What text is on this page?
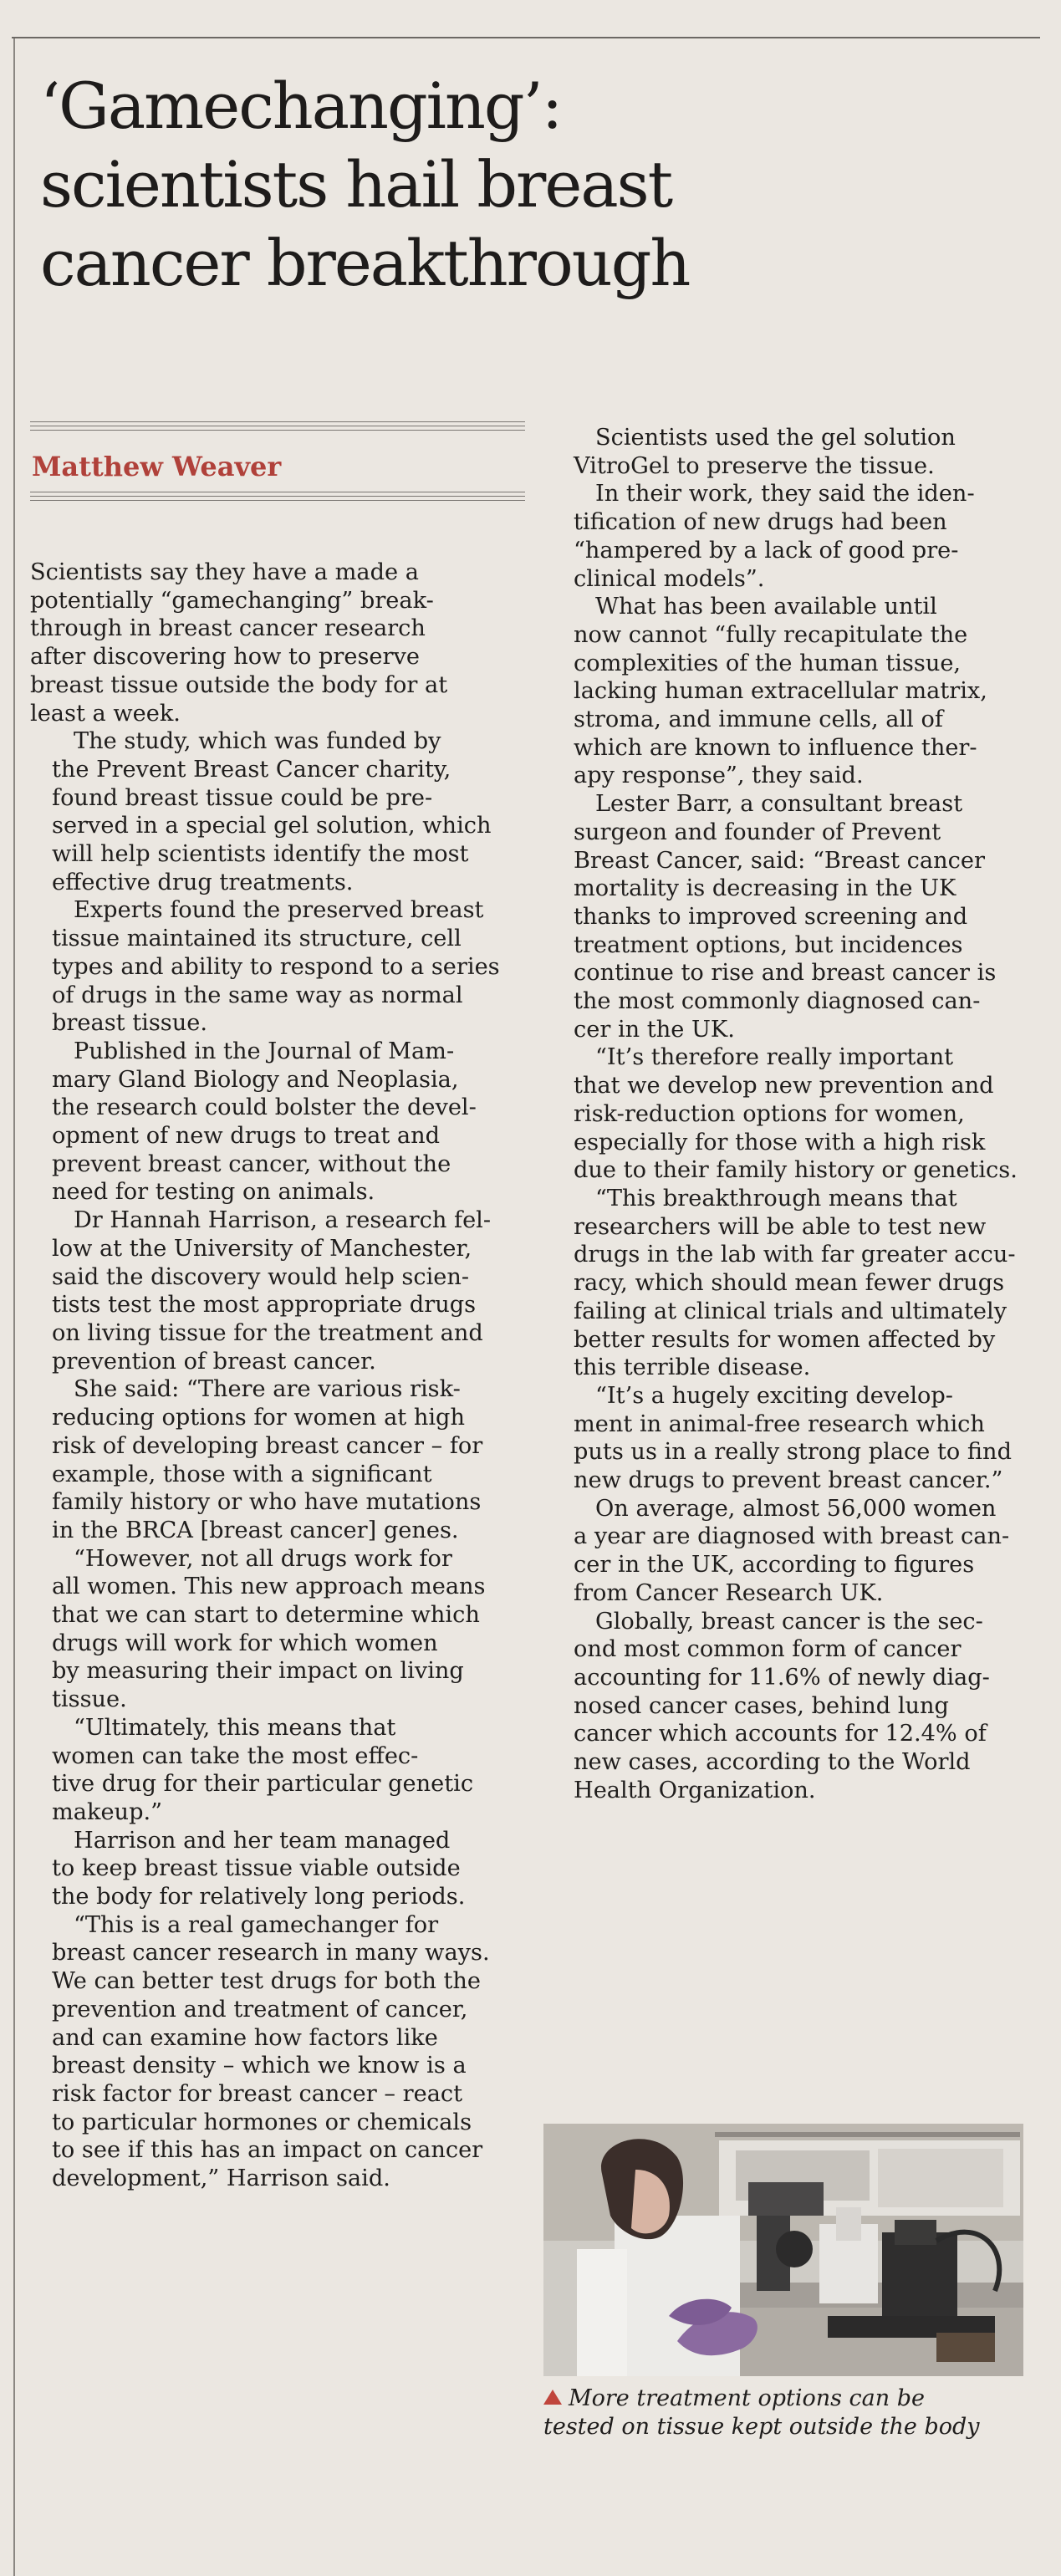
‘Gamechanging’:
scientists hail breast
cancer breakthrough

Matthew Weaver

Scientists say they have a made a
potentially “gamechanging” break-
through in breast cancer research
after discovering how to preserve
breast tissue outside the body for at
least a week.

The study, which was funded by
the Prevent Breast Cancer charity,
found breast tissue could be pre-
served in a special gel solution, which
will help scientists identify the most
effective drug treatments.

Experts found the preserved breast
tissue maintained its structure, cell
types and ability to respond to a series
of drugs in the same way as normal
breast tissue.

Published in the Journal of Mam-
mary Gland Biology and Neoplasia,
the research could bolster the devel-
opment of new drugs to treat and
prevent breast cancer, without the
need for testing on animals.

Dr Hannah Harrison, a research fel-
low at the University of Manchester,
said the discovery would help scien-
tists test the most appropriate drugs
on living tissue for the treatment and
prevention of breast cancer.

She said: “There are various risk-
reducing options for women at high
risk of developing breast cancer – for
example, those with a significant
family history or who have mutations
in the BRCA [breast cancer] genes.

“However, not all drugs work for
all women. This new approach means
that we can start to determine which
drugs will work for which women
by measuring their impact on living
tissue.

“Ultimately, this means that
women can take the most effec-
tive drug for their particular genetic
makeup.”

Harrison and her team managed
to keep breast tissue viable outside
the body for relatively long periods.

“This is a real gamechanger for
breast cancer research in many ways.
We can better test drugs for both the
prevention and treatment of cancer,
and can examine how factors like
breast density – which we know is a
risk factor for breast cancer – react
to particular hormones or chemicals
to see if this has an impact on cancer
development,” Harrison said.

Scientists used the gel solution
VitroGel to preserve the tissue.

In their work, they said the iden-
tification of new drugs had been
“hampered by a lack of good pre-
clinical models”.

What has been available until
now cannot “fully recapitulate the
complexities of the human tissue,
lacking human extracellular matrix,
stroma, and immune cells, all of
which are known to influence ther-
apy response”, they said.

Lester Barr, a consultant breast
surgeon and founder of Prevent
Breast Cancer, said: “Breast cancer
mortality is decreasing in the UK
thanks to improved screening and
treatment options, but incidences
continue to rise and breast cancer is
the most commonly diagnosed can-
cer in the UK.

“It’s therefore really important
that we develop new prevention and
risk-reduction options for women,
especially for those with a high risk
due to their family history or genetics.

“This breakthrough means that
researchers will be able to test new
drugs in the lab with far greater accu-
racy, which should mean fewer drugs
failing at clinical trials and ultimately
better results for women affected by
this terrible disease.

“It’s a hugely exciting develop-
ment in animal-free research which
puts us in a really strong place to find
new drugs to prevent breast cancer.”

On average, almost 56,000 women
a year are diagnosed with breast can-
cer in the UK, according to figures
from Cancer Research UK.

Globally, breast cancer is the sec-
ond most common form of cancer
accounting for 11.6% of newly diag-
nosed cancer cases, behind lung
cancer which accounts for 12.4% of
new cases, according to the World
Health Organization.

More treatment options can be
tested on tissue kept outside the body
